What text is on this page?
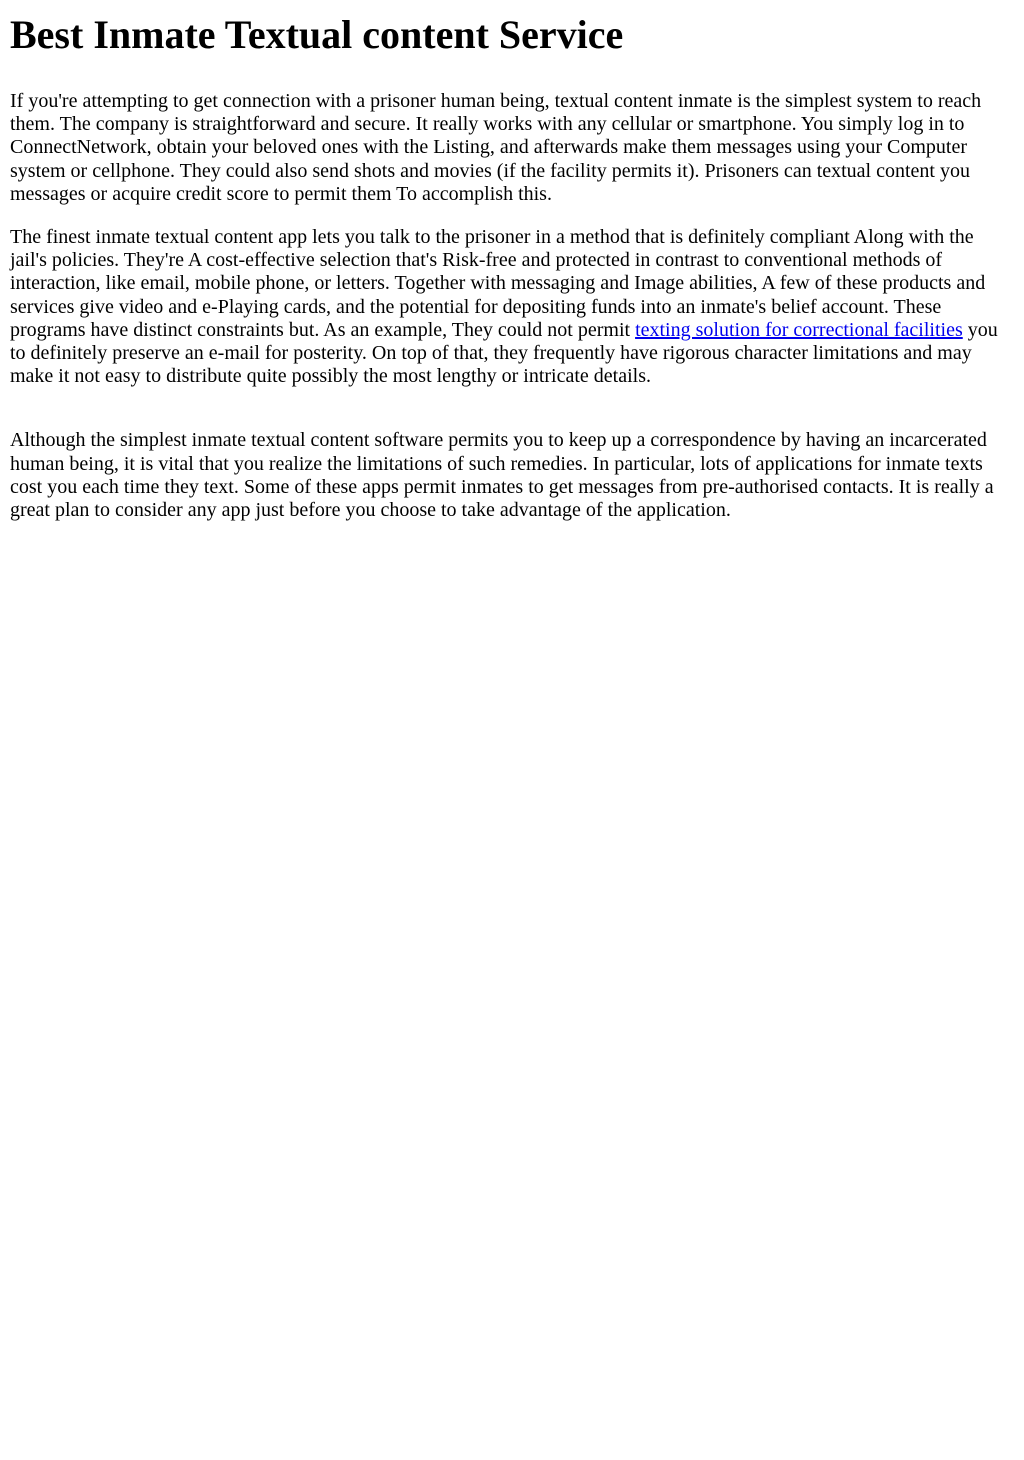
Best Inmate Textual content Service

If you're attempting to get connection with a prisoner human being, textual content inmate is the simplest system to reach them. The company is straightforward and secure. It really works with any cellular or smartphone. You simply log in to ConnectNetwork, obtain your beloved ones with the Listing, and afterwards make them messages using your Computer system or cellphone. They could also send shots and movies (if the facility permits it). Prisoners can textual content you messages or acquire credit score to permit them To accomplish this.

The finest inmate textual content app lets you talk to the prisoner in a method that is definitely compliant Along with the jail's policies. They're A cost-effective selection that's Risk-free and protected in contrast to conventional methods of interaction, like email, mobile phone, or letters. Together with messaging and Image abilities, A few of these products and services give video and e-Playing cards, and the potential for depositing funds into an inmate's belief account. These programs have distinct constraints but. As an example, They could not permit texting solution for correctional facilities you to definitely preserve an e-mail for posterity. On top of that, they frequently have rigorous character limitations and may make it not easy to distribute quite possibly the most lengthy or intricate details.

Although the simplest inmate textual content software permits you to keep up a correspondence by having an incarcerated human being, it is vital that you realize the limitations of such remedies. In particular, lots of applications for inmate texts cost you each time they text. Some of these apps permit inmates to get messages from pre-authorised contacts. It is really a great plan to consider any app just before you choose to take advantage of the application.
